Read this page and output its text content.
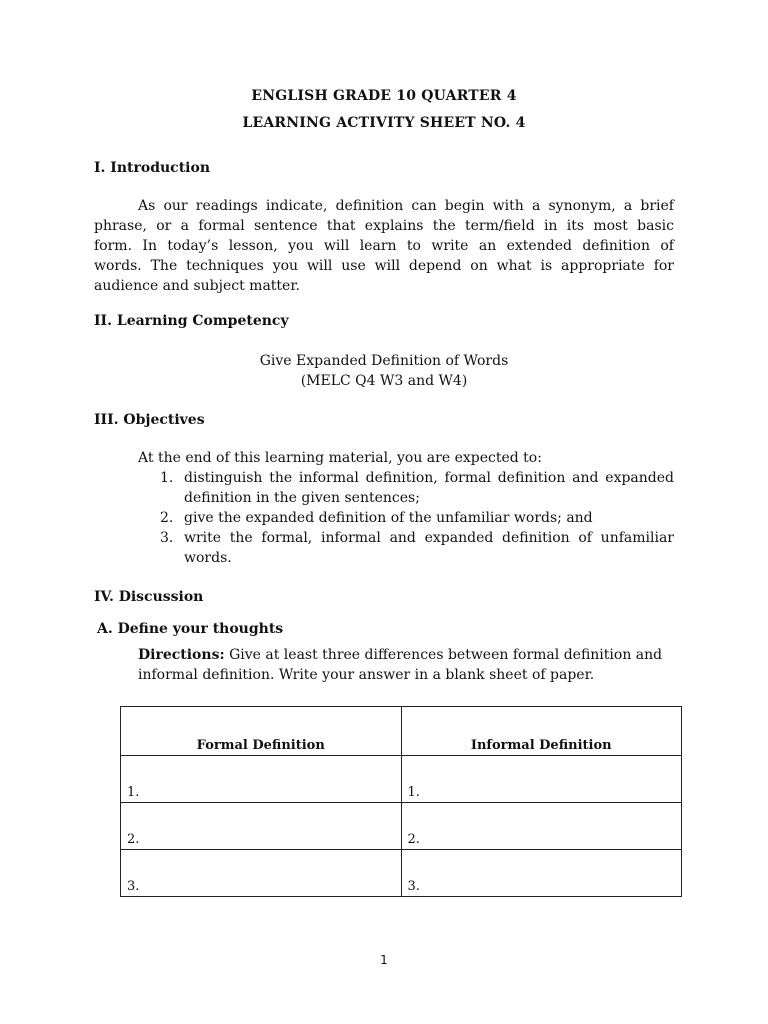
ENGLISH GRADE 10 QUARTER 4
LEARNING ACTIVITY SHEET NO. 4
I. Introduction
As our readings indicate, definition can begin with a synonym, a brief
phrase, or a formal sentence that explains the term/field in its most basic
form. In today’s lesson, you will learn to write an extended definition of
words. The techniques you will use will depend on what is appropriate for
audience and subject matter.
II. Learning Competency
Give Expanded Definition of Words
(MELC Q4 W3 and W4)
III. Objectives
At the end of this learning material, you are expected to:
1. distinguish the informal definition, formal definition and expanded definition in the given sentences;
2. give the expanded definition of the unfamiliar words; and
3. write the formal, informal and expanded definition of unfamiliar words.
IV. Discussion
A. Define your thoughts
Directions: Give at least three differences between formal definition and informal definition. Write your answer in a blank sheet of paper.
Formal Definition	Informal Definition
1.	1.
2.	2.
3.	3.
1
